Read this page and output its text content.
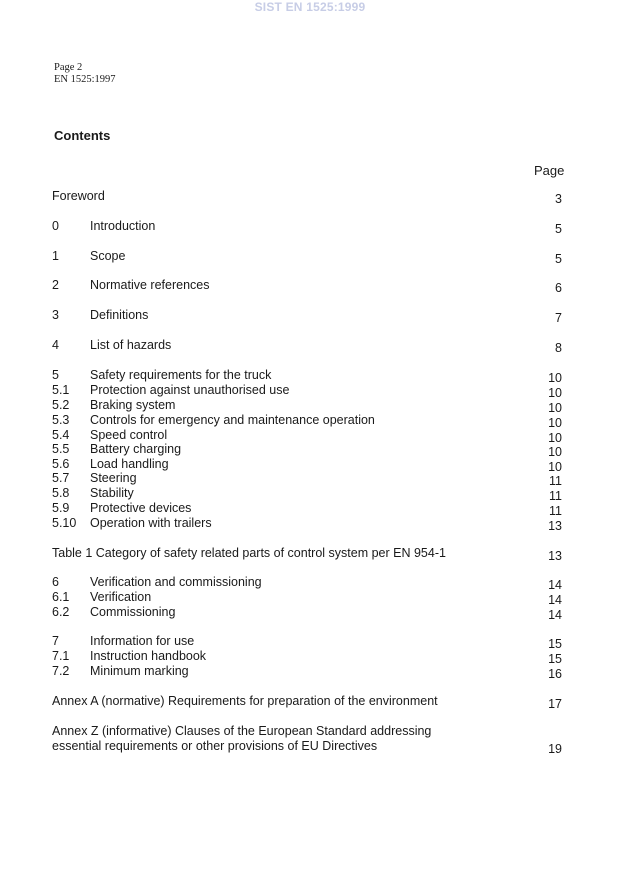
SIST EN 1525:1999
Page 2
EN 1525:1997
Contents
Page
Foreword	3
0 Introduction	5
1 Scope	5
2 Normative references	6
3 Definitions	7
4 List of hazards	8
5 Safety requirements for the truck	10
5.1 Protection against unauthorised use	10
5.2 Braking system	10
5.3 Controls for emergency and maintenance operation	10
5.4 Speed control	10
5.5 Battery charging	10
5.6 Load handling	10
5.7 Steering	11
5.8 Stability	11
5.9 Protective devices	11
5.10 Operation with trailers	13
Table 1 Category of safety related parts of control system per EN 954-1	13
6 Verification and commissioning	14
6.1 Verification	14
6.2 Commissioning	14
7 Information for use	15
7.1 Instruction handbook	15
7.2 Minimum marking	16
Annex A (normative) Requirements for preparation of the environment	17
Annex Z (informative) Clauses of the European Standard addressing
essential requirements or other provisions of EU Directives	19
